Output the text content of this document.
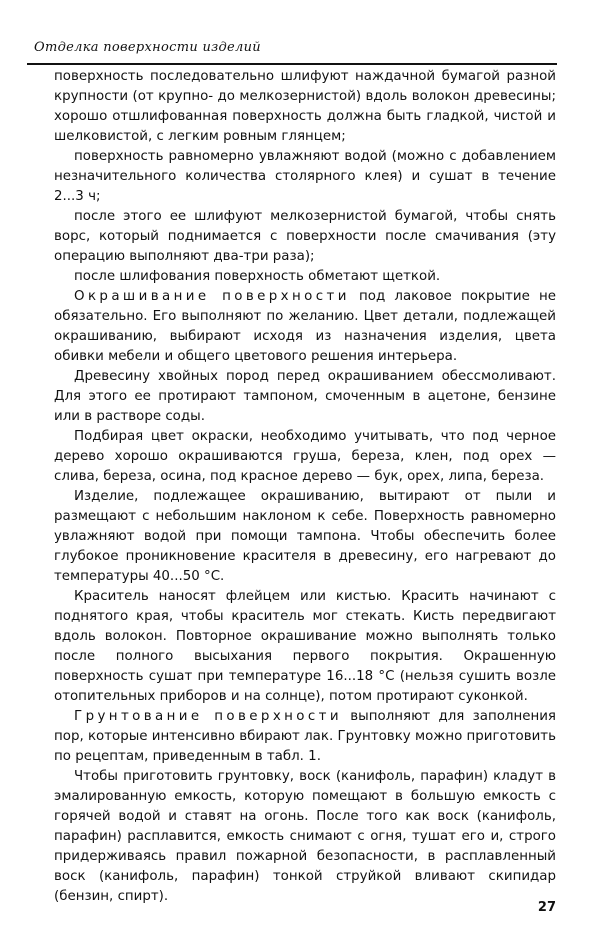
Отделка поверхности изделий

поверхность последовательно шлифуют наждачной бумагой разной крупности (от крупно- до мелкозернистой) вдоль волокон древесины; хорошо отшлифованная поверхность должна быть гладкой, чистой и шелковистой, с легким ровным глянцем;

поверхность равномерно увлажняют водой (можно с добавлением незначительного количества столярного клея) и сушат в течение 2...3 ч;

после этого ее шлифуют мелкозернистой бумагой, чтобы снять ворс, который поднимается с поверхности после смачивания (эту операцию выполняют два-три раза);

после шлифования поверхность обметают щеткой.

Окрашивание поверхности под лаковое покрытие не обязательно. Его выполняют по желанию. Цвет детали, подлежащей окрашиванию, выбирают исходя из назначения изделия, цвета обивки мебели и общего цветового решения интерьера.

Древесину хвойных пород перед окрашиванием обессмоливают. Для этого ее протирают тампоном, смоченным в ацетоне, бензине или в растворе соды.

Подбирая цвет окраски, необходимо учитывать, что под черное дерево хорошо окрашиваются груша, береза, клен, под орех — слива, береза, осина, под красное дерево — бук, орех, липа, береза.

Изделие, подлежащее окрашиванию, вытирают от пыли и размещают с небольшим наклоном к себе. Поверхность равномерно увлажняют водой при помощи тампона. Чтобы обеспечить более глубокое проникновение красителя в древесину, его нагревают до температуры 40...50 °С.

Краситель наносят флейцем или кистью. Красить начинают с поднятого края, чтобы краситель мог стекать. Кисть передвигают вдоль волокон. Повторное окрашивание можно выполнять только после полного высыхания первого покрытия. Окрашенную поверхность сушат при температуре 16...18 °С (нельзя сушить возле отопительных приборов и на солнце), потом протирают суконкой.

Грунтование поверхности выполняют для заполнения пор, которые интенсивно вбирают лак. Грунтовку можно приготовить по рецептам, приведенным в табл. 1.

Чтобы приготовить грунтовку, воск (канифоль, парафин) кладут в эмалированную емкость, которую помещают в большую емкость с горячей водой и ставят на огонь. После того как воск (канифоль, парафин) расплавится, емкость снимают с огня, тушат его и, строго придерживаясь правил пожарной безопасности, в расплавленный воск (канифоль, парафин) тонкой струйкой вливают скипидар (бензин, спирт).

27
